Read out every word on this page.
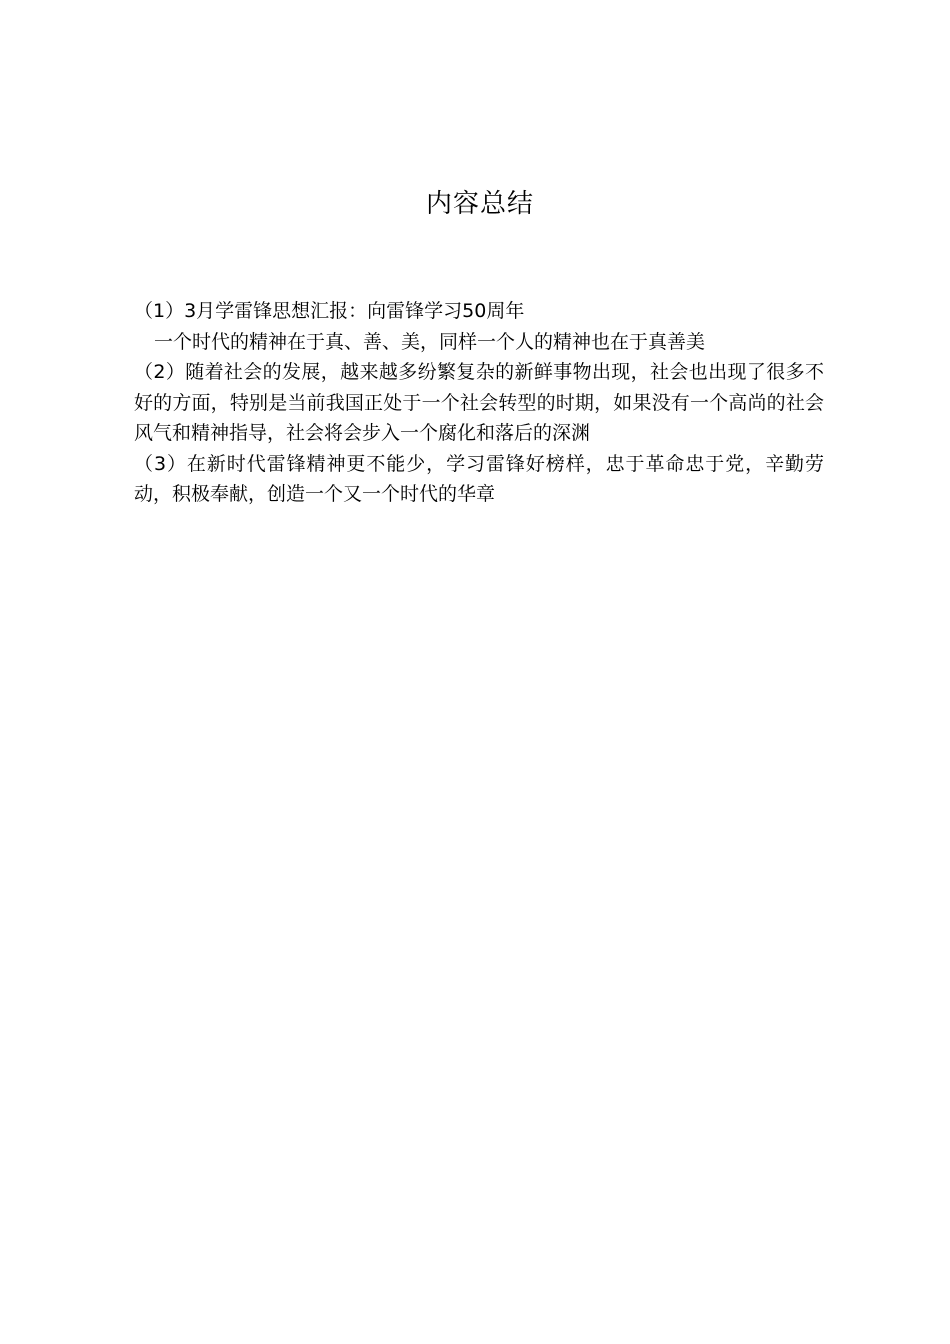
内容总结

（1）3月学雷锋思想汇报：向雷锋学习50周年

一个时代的精神在于真、善、美，同样一个人的精神也在于真善美

（2）随着社会的发展，越来越多纷繁复杂的新鲜事物出现，社会也出现了很多不好的方面，特别是当前我国正处于一个社会转型的时期，如果没有一个高尚的社会风气和精神指导，社会将会步入一个腐化和落后的深渊

（3）在新时代雷锋精神更不能少，学习雷锋好榜样，忠于革命忠于党，辛勤劳动，积极奉献，创造一个又一个时代的华章
